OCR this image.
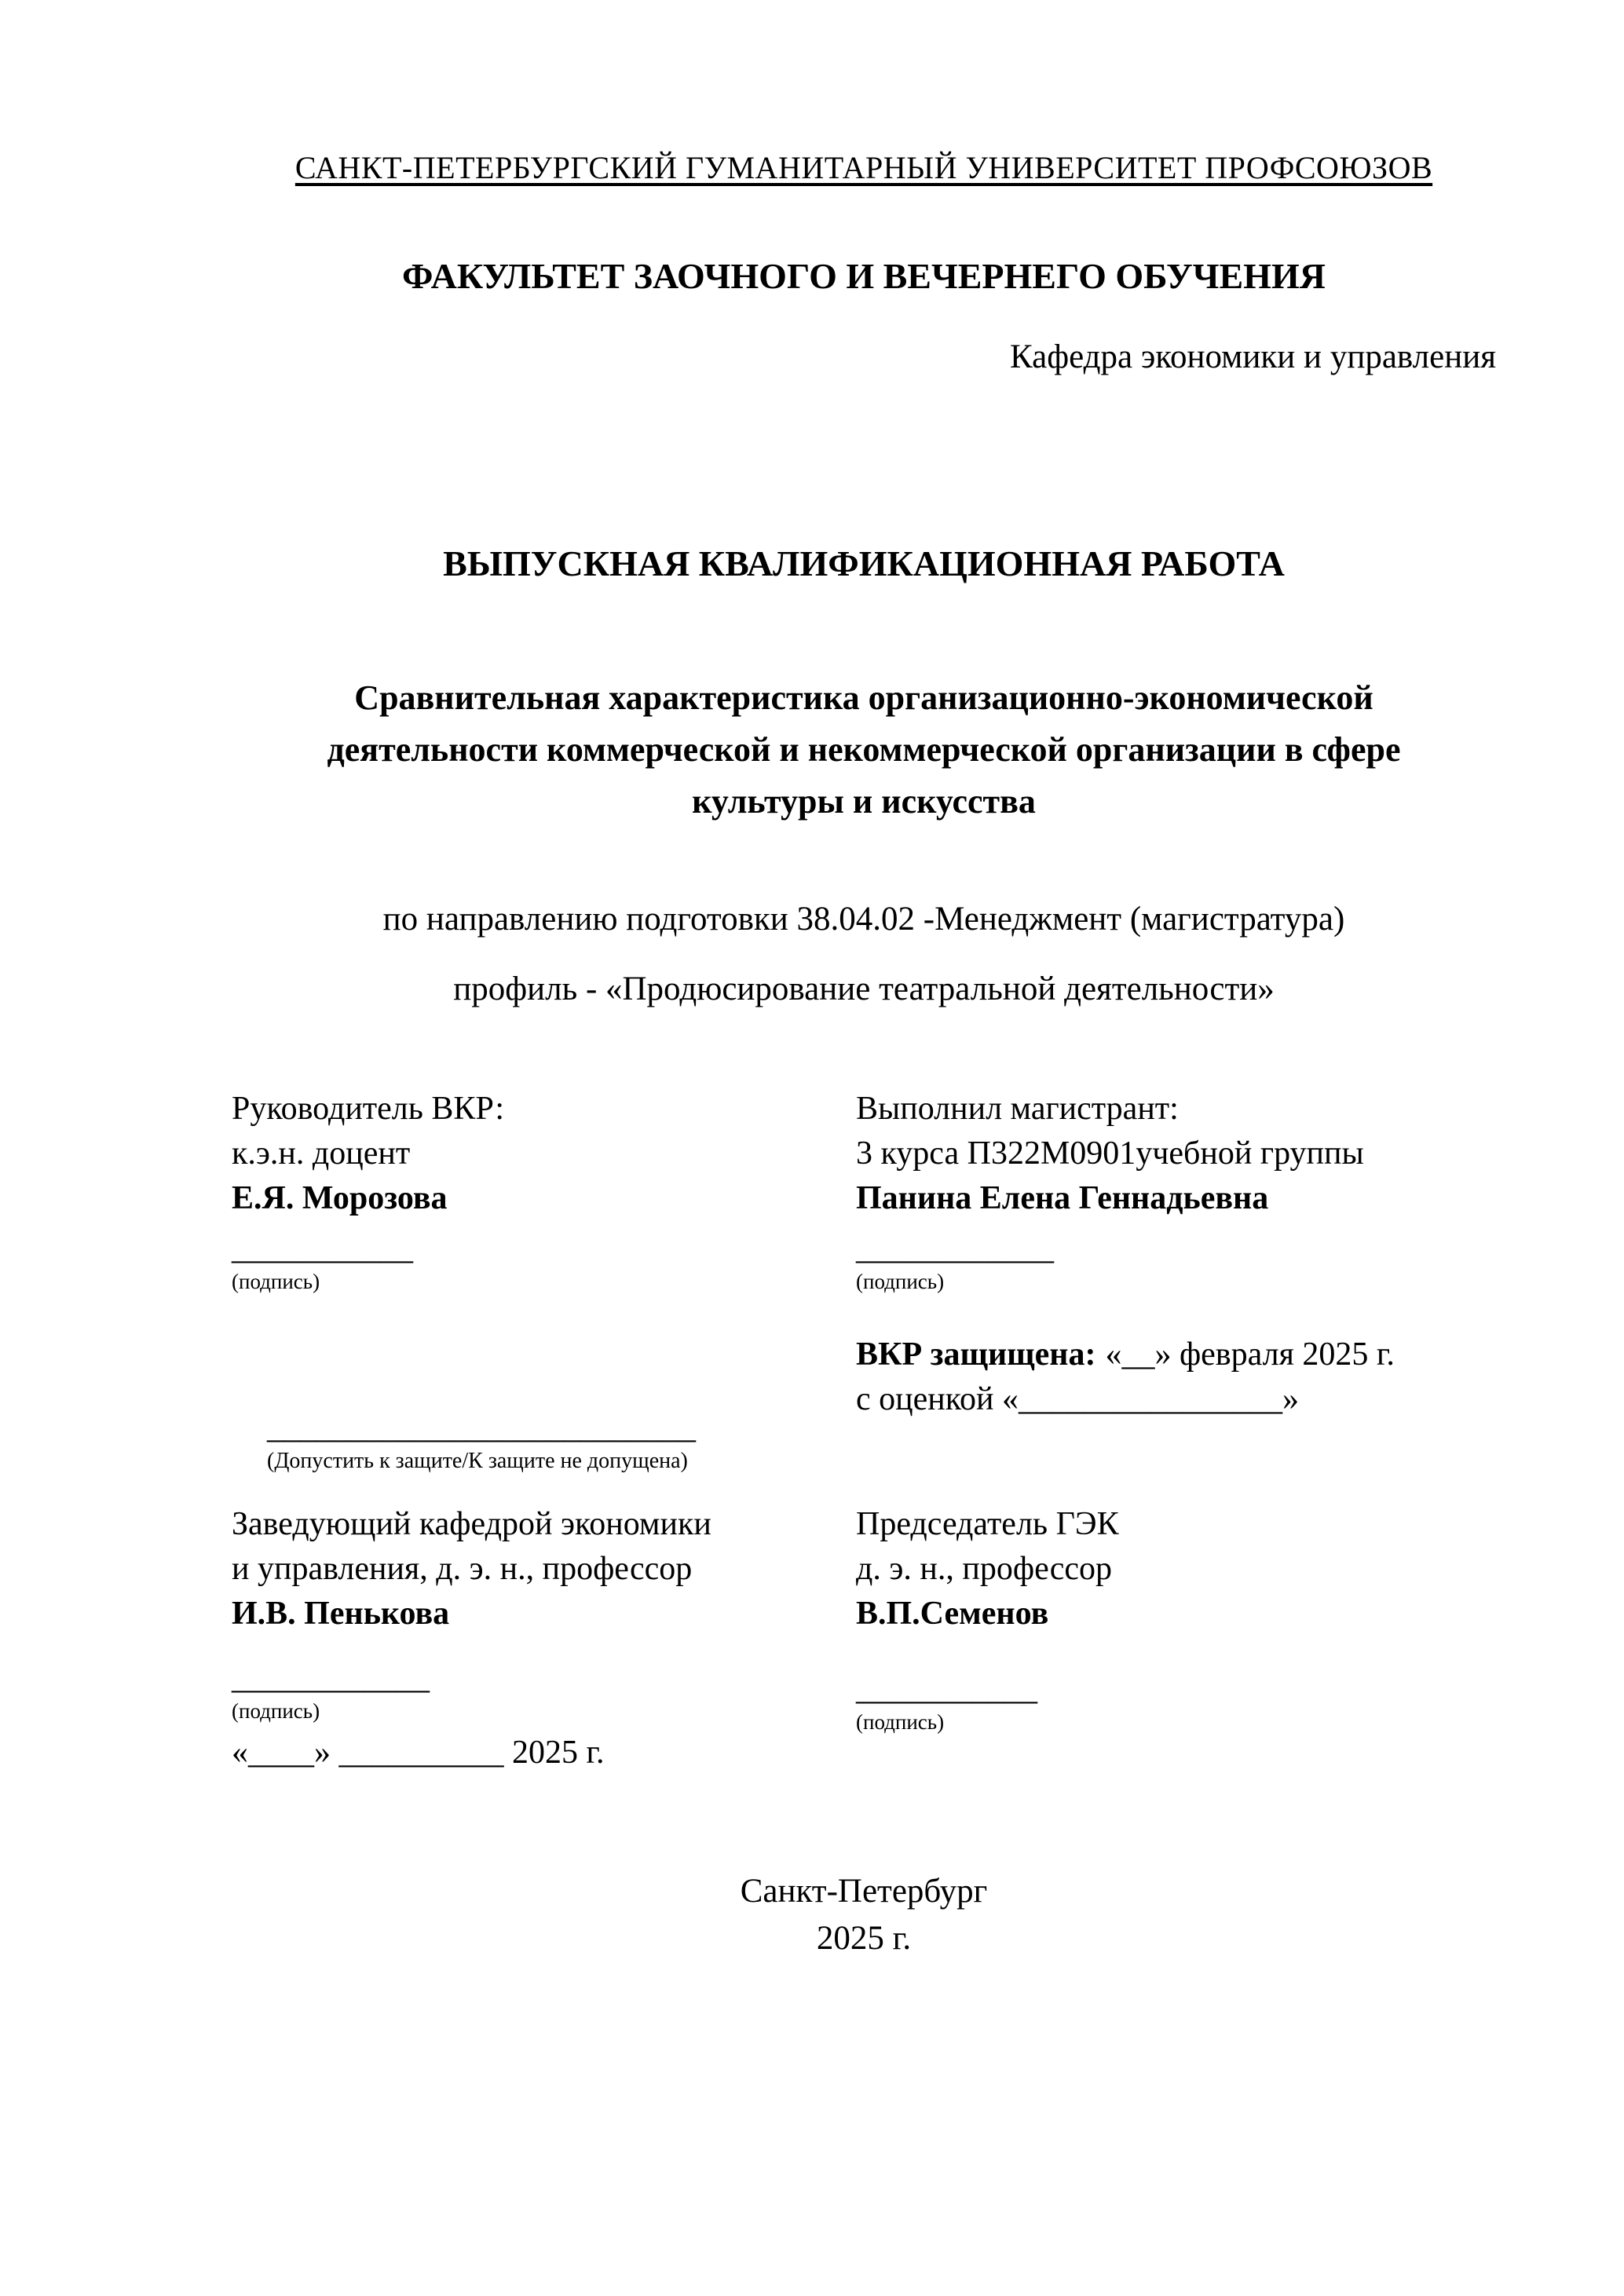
САНКТ-ПЕТЕРБУРГСКИЙ ГУМАНИТАРНЫЙ УНИВЕРСИТЕТ ПРОФСОЮЗОВ
ФАКУЛЬТЕТ ЗАОЧНОГО И ВЕЧЕРНЕГО ОБУЧЕНИЯ
Кафедра экономики и управления
ВЫПУСКНАЯ КВАЛИФИКАЦИОННАЯ РАБОТА
Сравнительная характеристика организационно-экономической
деятельности коммерческой и некоммерческой организации в сфере
культуры и искусства
по направлению подготовки 38.04.02 -Менеджмент (магистратура)
профиль - «Продюсирование театральной деятельности»
Руководитель ВКР:
к.э.н. доцент
Е.Я. Морозова
___________
(подпись)
Выполнил магистрант:
3 курса П322М0901учебной группы
Панина Елена Геннадьевна
____________
(подпись)
__________________________
(Допустить к защите/К защите не допущена)
ВКР защищена: «__» февраля 2025 г.
с оценкой «________________»
Заведующий кафедрой экономики
и управления, д. э. н., профессор
И.В. Пенькова
____________
(подпись)
«____» __________ 2025 г.
Председатель ГЭК
д. э. н., профессор
В.П.Семенов
___________
(подпись)
Санкт-Петербург
2025 г.
